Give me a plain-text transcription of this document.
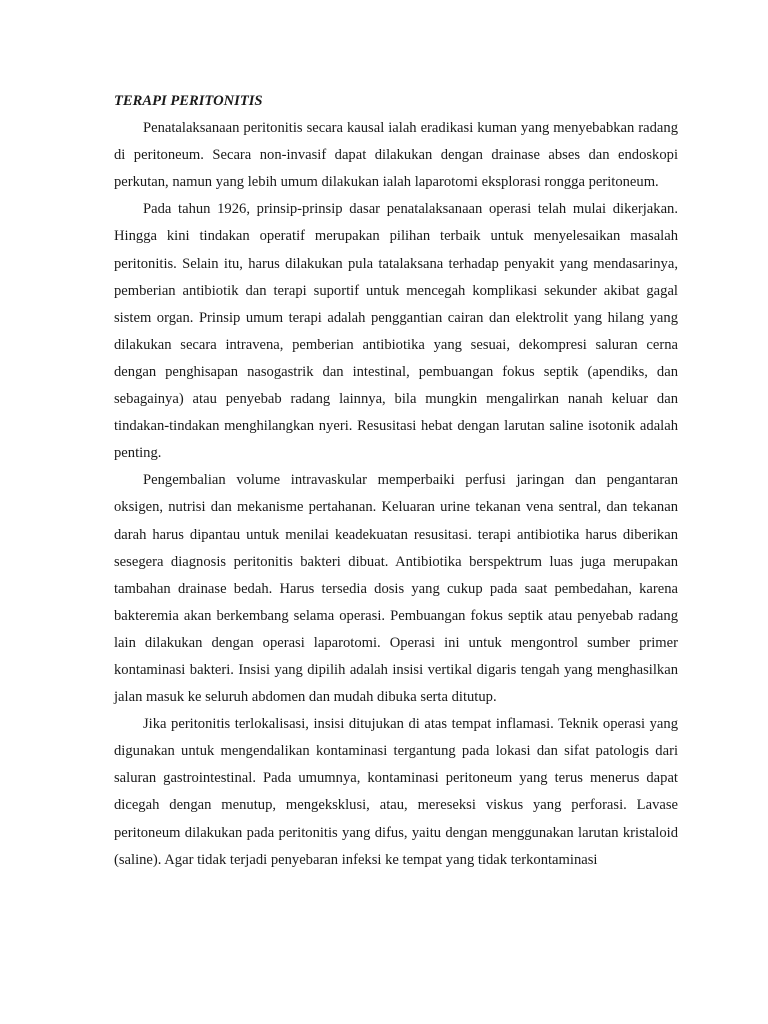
TERAPI PERITONITIS

Penatalaksanaan peritonitis secara kausal ialah eradikasi kuman yang menyebabkan radang di peritoneum. Secara non-invasif dapat dilakukan dengan drainase abses dan endoskopi perkutan, namun yang lebih umum dilakukan ialah laparotomi eksplorasi rongga peritoneum.

Pada tahun 1926, prinsip-prinsip dasar penatalaksanaan operasi telah mulai dikerjakan. Hingga kini tindakan operatif merupakan pilihan terbaik untuk menyelesaikan masalah peritonitis. Selain itu, harus dilakukan pula tatalaksana terhadap penyakit yang mendasarinya, pemberian antibiotik dan terapi suportif untuk mencegah komplikasi sekunder akibat gagal sistem organ. Prinsip umum terapi adalah penggantian cairan dan elektrolit yang hilang yang dilakukan secara intravena, pemberian antibiotika yang sesuai, dekompresi saluran cerna dengan penghisapan nasogastrik dan intestinal, pembuangan fokus septik (apendiks, dan sebagainya) atau penyebab radang lainnya, bila mungkin mengalirkan nanah keluar dan tindakan-tindakan menghilangkan nyeri. Resusitasi hebat dengan larutan saline isotonik adalah penting.

Pengembalian volume intravaskular memperbaiki perfusi jaringan dan pengantaran oksigen, nutrisi dan mekanisme pertahanan. Keluaran urine tekanan vena sentral, dan tekanan darah harus dipantau untuk menilai keadekuatan resusitasi. terapi antibiotika harus diberikan sesegera diagnosis peritonitis bakteri dibuat. Antibiotika berspektrum luas juga merupakan tambahan drainase bedah. Harus tersedia dosis yang cukup pada saat pembedahan, karena bakteremia akan berkembang selama operasi. Pembuangan fokus septik atau penyebab radang lain dilakukan dengan operasi laparotomi. Operasi ini untuk mengontrol sumber primer kontaminasi bakteri. Insisi yang dipilih adalah insisi vertikal digaris tengah yang menghasilkan jalan masuk ke seluruh abdomen dan mudah dibuka serta ditutup.

Jika peritonitis terlokalisasi, insisi ditujukan di atas tempat inflamasi. Teknik operasi yang digunakan untuk mengendalikan kontaminasi tergantung pada lokasi dan sifat patologis dari saluran gastrointestinal. Pada umumnya, kontaminasi peritoneum yang terus menerus dapat dicegah dengan menutup, mengeksklusi, atau, mereseksi viskus yang perforasi. Lavase peritoneum dilakukan pada peritonitis yang difus, yaitu dengan menggunakan larutan kristaloid (saline). Agar tidak terjadi penyebaran infeksi ke tempat yang tidak terkontaminasi
